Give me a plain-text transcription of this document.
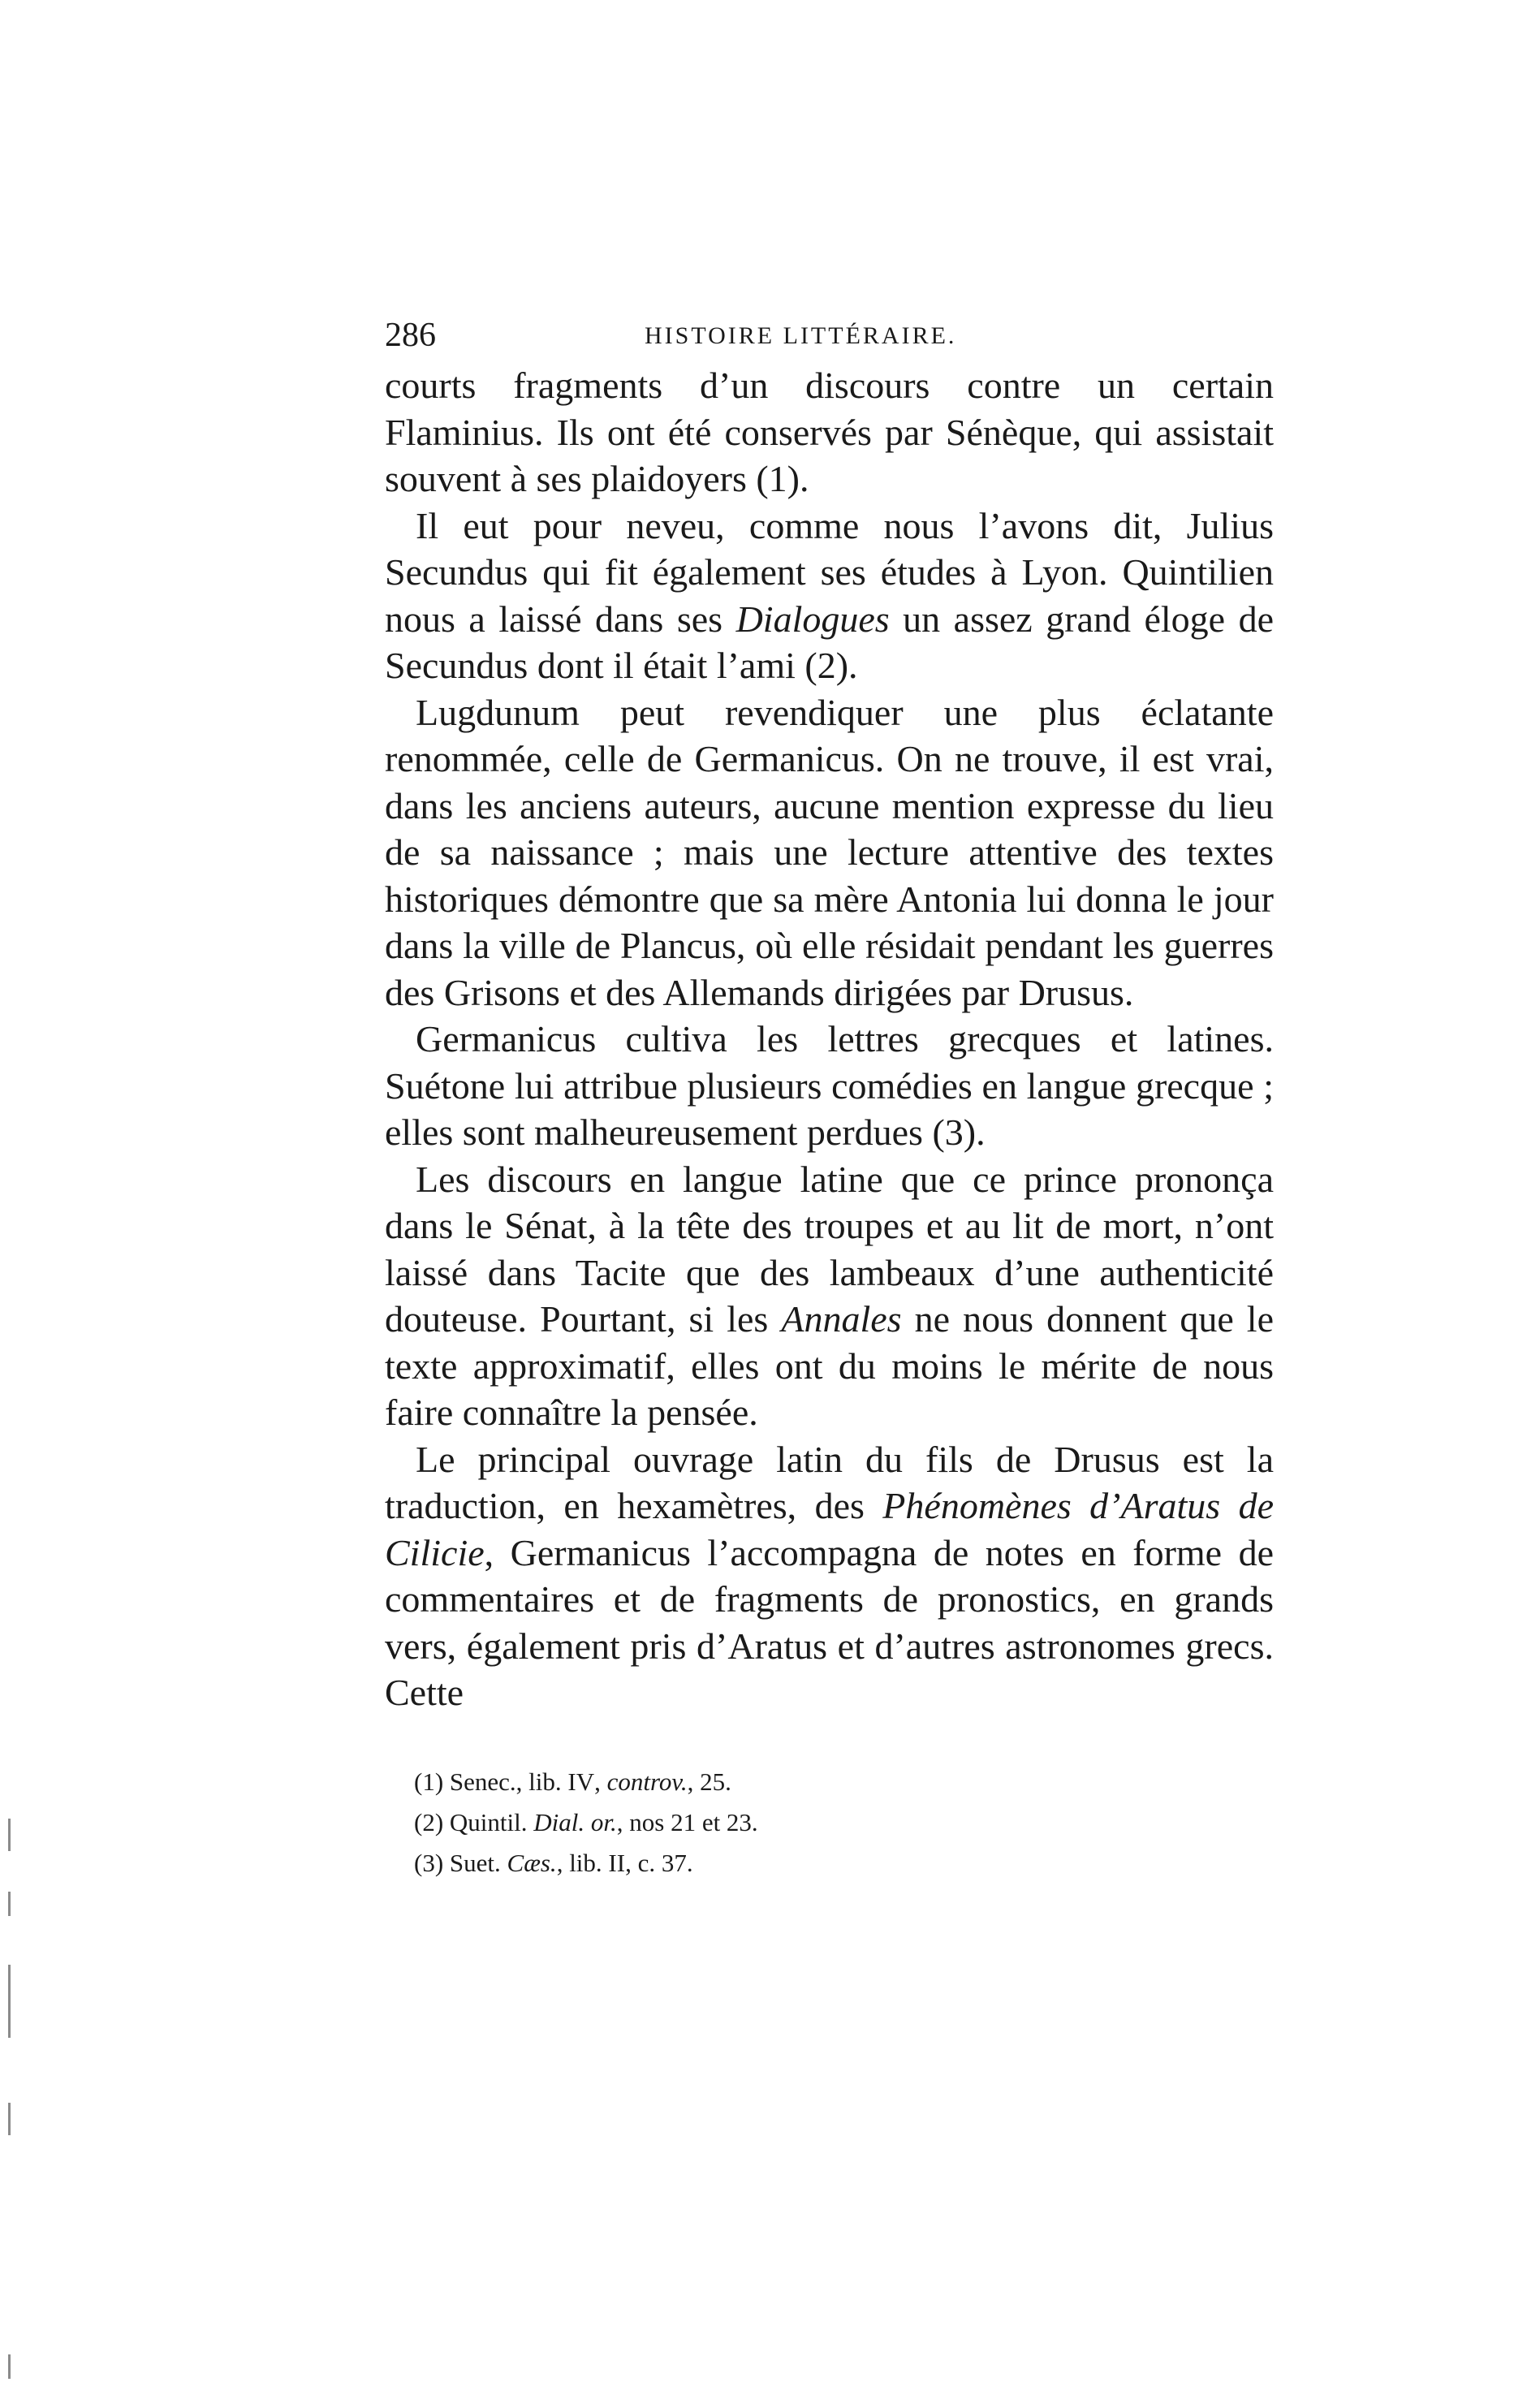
286	HISTOIRE LITTÉRAIRE.

courts fragments d’un discours contre un certain Flaminius. Ils ont été conservés par Sénèque, qui assistait souvent à ses plaidoyers (1).

Il eut pour neveu, comme nous l’avons dit, Julius Secundus qui fit également ses études à Lyon. Quintilien nous a laissé dans ses Dialogues un assez grand éloge de Secundus dont il était l’ami (2).

Lugdunum peut revendiquer une plus éclatante renommée, celle de Germanicus. On ne trouve, il est vrai, dans les anciens auteurs, aucune mention expresse du lieu de sa naissance ; mais une lecture attentive des textes historiques démontre que sa mère Antonia lui donna le jour dans la ville de Plancus, où elle résidait pendant les guerres des Grisons et des Allemands dirigées par Drusus.

Germanicus cultiva les lettres grecques et latines. Suétone lui attribue plusieurs comédies en langue grecque ; elles sont malheureusement perdues (3).

Les discours en langue latine que ce prince prononça dans le Sénat, à la tête des troupes et au lit de mort, n’ont laissé dans Tacite que des lambeaux d’une authenticité douteuse. Pourtant, si les Annales ne nous donnent que le texte approximatif, elles ont du moins le mérite de nous faire connaître la pensée.

Le principal ouvrage latin du fils de Drusus est la traduction, en hexamètres, des Phénomènes d’Aratus de Cilicie, Germanicus l’accompagna de notes en forme de commentaires et de fragments de pronostics, en grands vers, également pris d’Aratus et d’autres astronomes grecs. Cette

(1) Senec., lib. IV, controv., 25.

(2) Quintil. Dial. or., nos 21 et 23.

(3) Suet. Cæs., lib. II, c. 37.
